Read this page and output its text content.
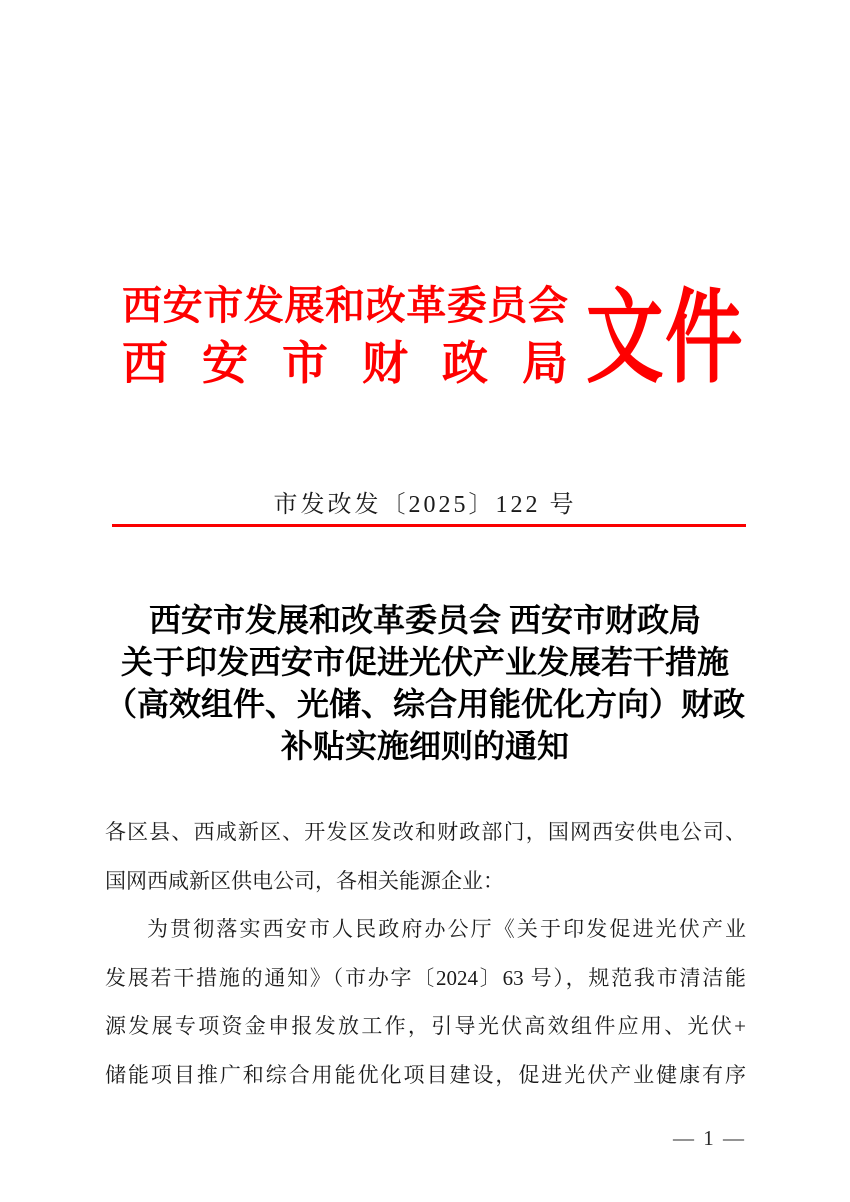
西安市发展和改革委员会
西安市财政局 文件
市发改发〔2025〕122 号
西安市发展和改革委员会 西安市财政局
关于印发西安市促进光伏产业发展若干措施
（高效组件、光储、综合用能优化方向）财政
补贴实施细则的通知
各区县、西咸新区、开发区发改和财政部门，国网西安供电公司、
国网西咸新区供电公司，各相关能源企业：
为贯彻落实西安市人民政府办公厅《关于印发促进光伏产业
发展若干措施的通知》（市办字〔2024〕63 号），规范我市清洁能
源发展专项资金申报发放工作，引导光伏高效组件应用、光伏+
储能项目推广和综合用能优化项目建设，促进光伏产业健康有序
— 1 —
